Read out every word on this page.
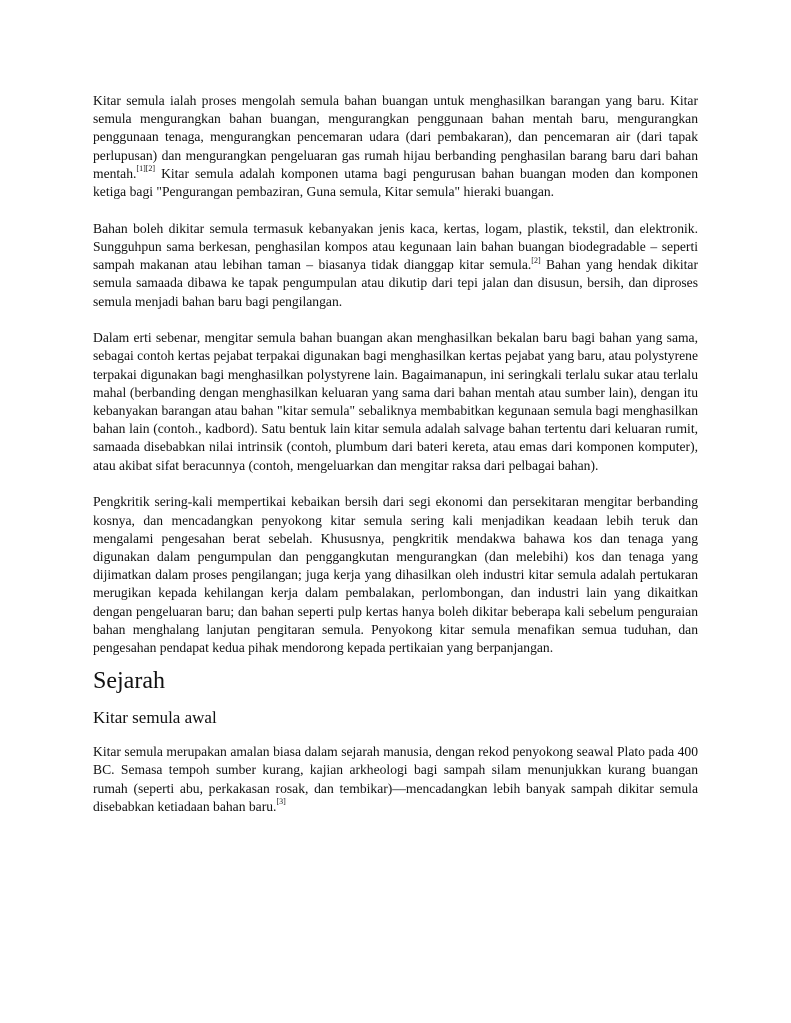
Kitar semula ialah proses mengolah semula bahan buangan untuk menghasilkan barangan yang baru. Kitar semula mengurangkan bahan buangan, mengurangkan penggunaan bahan mentah baru, mengurangkan penggunaan tenaga, mengurangkan pencemaran udara (dari pembakaran), dan pencemaran air (dari tapak perlupusan) dan mengurangkan pengeluaran gas rumah hijau berbanding penghasilan barang baru dari bahan mentah.[1][2] Kitar semula adalah komponen utama bagi pengurusan bahan buangan moden dan komponen ketiga bagi "Pengurangan pembaziran, Guna semula, Kitar semula" hieraki buangan.

Bahan boleh dikitar semula termasuk kebanyakan jenis kaca, kertas, logam, plastik, tekstil, dan elektronik. Sungguhpun sama berkesan, penghasilan kompos atau kegunaan lain bahan buangan biodegradable – seperti sampah makanan atau lebihan taman – biasanya tidak dianggap kitar semula.[2] Bahan yang hendak dikitar semula samaada dibawa ke tapak pengumpulan atau dikutip dari tepi jalan dan disusun, bersih, dan diproses semula menjadi bahan baru bagi pengilangan.

Dalam erti sebenar, mengitar semula bahan buangan akan menghasilkan bekalan baru bagi bahan yang sama, sebagai contoh kertas pejabat terpakai digunakan bagi menghasilkan kertas pejabat yang baru, atau polystyrene terpakai digunakan bagi menghasilkan polystyrene lain. Bagaimanapun, ini seringkali terlalu sukar atau terlalu mahal (berbanding dengan menghasilkan keluaran yang sama dari bahan mentah atau sumber lain), dengan itu kebanyakan barangan atau bahan "kitar semula" sebaliknya membabitkan kegunaan semula bagi menghasilkan bahan lain (contoh., kadbord). Satu bentuk lain kitar semula adalah salvage bahan tertentu dari keluaran rumit, samaada disebabkan nilai intrinsik (contoh, plumbum dari bateri kereta, atau emas dari komponen komputer), atau akibat sifat beracunnya (contoh, mengeluarkan dan mengitar raksa dari pelbagai bahan).

Pengkritik sering-kali mempertikai kebaikan bersih dari segi ekonomi dan persekitaran mengitar berbanding kosnya, dan mencadangkan penyokong kitar semula sering kali menjadikan keadaan lebih teruk dan mengalami pengesahan berat sebelah. Khususnya, pengkritik mendakwa bahawa kos dan tenaga yang digunakan dalam pengumpulan dan penggangkutan mengurangkan (dan melebihi) kos dan tenaga yang dijimatkan dalam proses pengilangan; juga kerja yang dihasilkan oleh industri kitar semula adalah pertukaran merugikan kepada kehilangan kerja dalam pembalakan, perlombongan, dan industri lain yang dikaitkan dengan pengeluaran baru; dan bahan seperti pulp kertas hanya boleh dikitar beberapa kali sebelum penguraian bahan menghalang lanjutan pengitaran semula. Penyokong kitar semula menafikan semua tuduhan, dan pengesahan pendapat kedua pihak mendorong kepada pertikaian yang berpanjangan.

Sejarah
Kitar semula awal

Kitar semula merupakan amalan biasa dalam sejarah manusia, dengan rekod penyokong seawal Plato pada 400 BC. Semasa tempoh sumber kurang, kajian arkheologi bagi sampah silam menunjukkan kurang buangan rumah (seperti abu, perkakasan rosak, dan tembikar)—mencadangkan lebih banyak sampah dikitar semula disebabkan ketiadaan bahan baru.[3]
